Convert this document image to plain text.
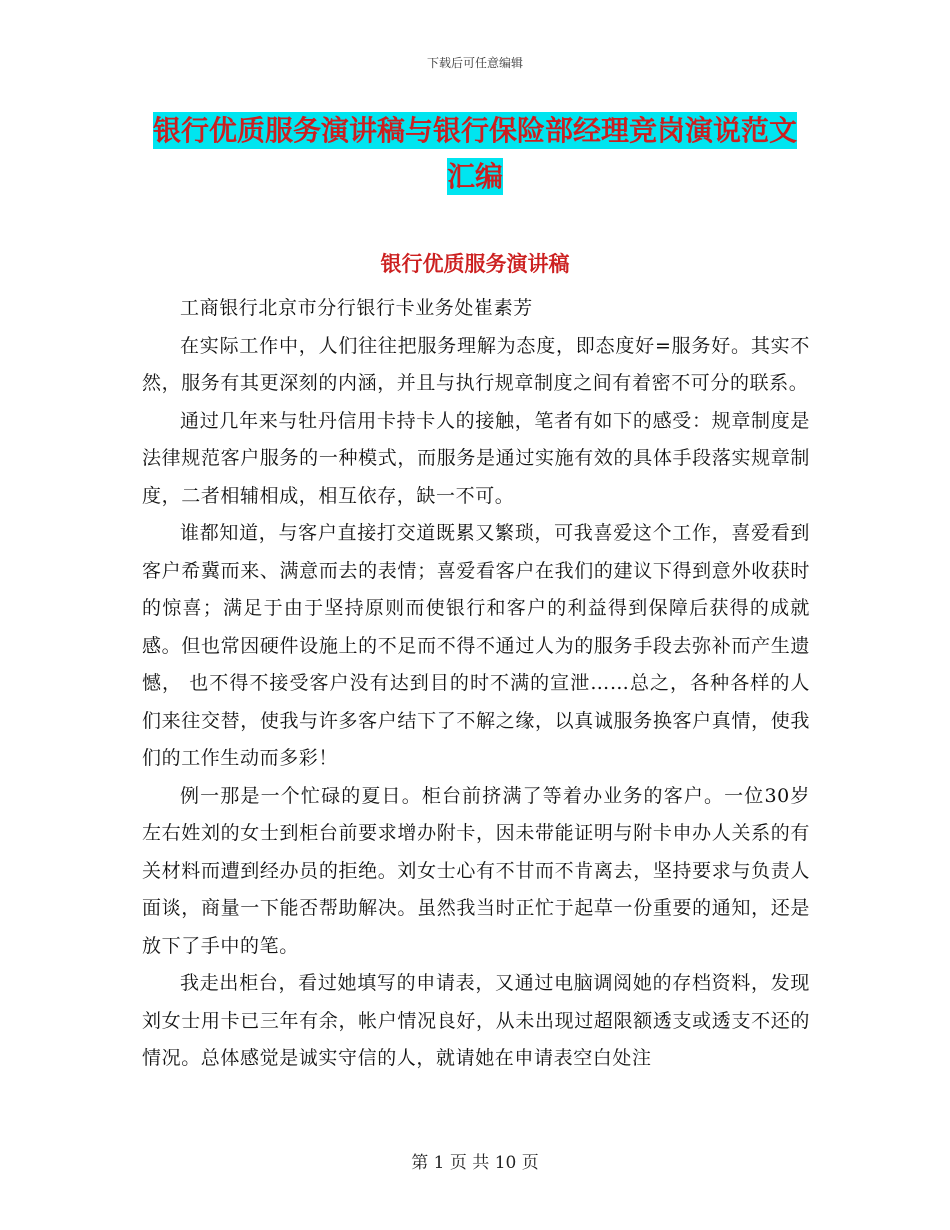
下载后可任意编辑
银行优质服务演讲稿与银行保险部经理竞岗演说范文汇编
银行优质服务演讲稿

工商银行北京市分行银行卡业务处崔素芳

在实际工作中，人们往往把服务理解为态度，即态度好=服务好。其实不然，服务有其更深刻的内涵，并且与执行规章制度之间有着密不可分的联系。

通过几年来与牡丹信用卡持卡人的接触，笔者有如下的感受：规章制度是法律规范客户服务的一种模式，而服务是通过实施有效的具体手段落实规章制度，二者相辅相成，相互依存，缺一不可。

谁都知道，与客户直接打交道既累又繁琐，可我喜爱这个工作，喜爱看到客户希冀而来、满意而去的表情；喜爱看客户在我们的建议下得到意外收获时的惊喜；满足于由于坚持原则而使银行和客户的利益得到保障后获得的成就感。但也常因硬件设施上的不足而不得不通过人为的服务手段去弥补而产生遗憾， 也不得不接受客户没有达到目的时不满的宣泄……总之，各种各样的人们来往交替，使我与许多客户结下了不解之缘，以真诚服务换客户真情，使我们的工作生动而多彩！

例一那是一个忙碌的夏日。柜台前挤满了等着办业务的客户。一位30岁左右姓刘的女士到柜台前要求增办附卡，因未带能证明与附卡申办人关系的有关材料而遭到经办员的拒绝。刘女士心有不甘而不肯离去，坚持要求与负责人面谈，商量一下能否帮助解决。虽然我当时正忙于起草一份重要的通知，还是放下了手中的笔。

我走出柜台，看过她填写的申请表，又通过电脑调阅她的存档资料，发现刘女士用卡已三年有余，帐户情况良好，从未出现过超限额透支或透支不还的情况。总体感觉是诚实守信的人，就请她在申请表空白处注

第 1 页 共 10 页
